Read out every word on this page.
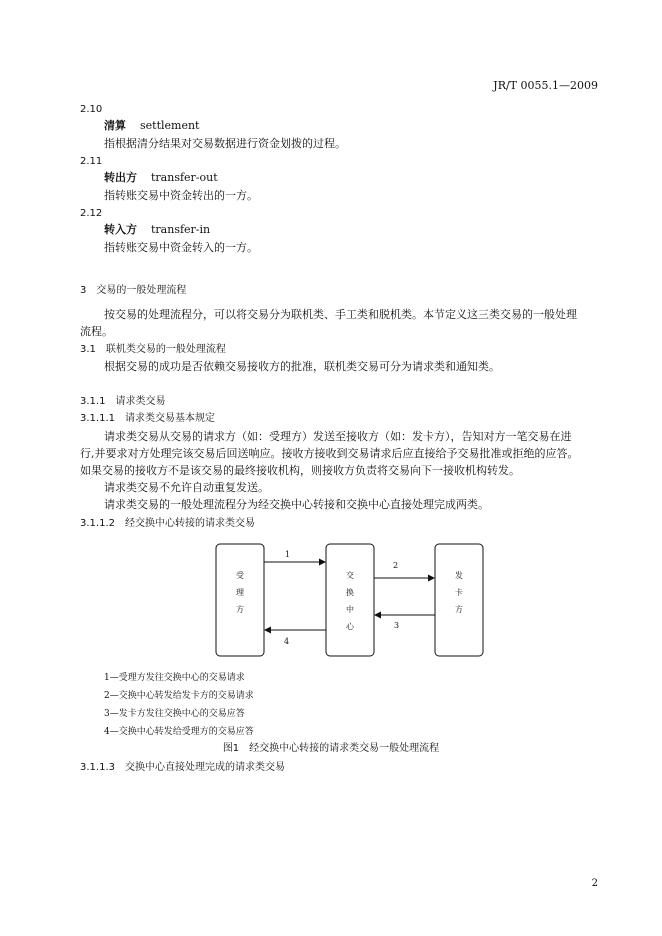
JR/T 0055.1—2009
2.10
清算 settlement
指根据清分结果对交易数据进行资金划拨的过程。
2.11
转出方 transfer-out
指转账交易中资金转出的一方。
2.12
转入方 transfer-in
指转账交易中资金转入的一方。
3　交易的一般处理流程
按交易的处理流程分，可以将交易分为联机类、手工类和脱机类。本节定义这三类交易的一般处理
流程。
3.1　联机类交易的一般处理流程
根据交易的成功是否依赖交易接收方的批准，联机类交易可分为请求类和通知类。
3.1.1　请求类交易
3.1.1.1　请求类交易基本规定
请求类交易从交易的请求方（如：受理方）发送至接收方（如：发卡方），告知对方一笔交易在进
行,并要求对方处理完该交易后回送响应。接收方接收到交易请求后应直接给予交易批准或拒绝的应答。
如果交易的接收方不是该交易的最终接收机构，则接收方负责将交易向下一接收机构转发。
请求类交易不允许自动重复发送。
请求类交易的一般处理流程分为经交换中心转接和交换中心直接处理完成两类。
3.1.1.2　经交换中心转接的请求类交易
受
理
方
交
换
中
心
发
卡
方
1
2
3
4
1—受理方发往交换中心的交易请求
2—交换中心转发给发卡方的交易请求
3—发卡方发往交换中心的交易应答
4—交换中心转发给受理方的交易应答
图1　经交换中心转接的请求类交易一般处理流程
3.1.1.3　交换中心直接处理完成的请求类交易
2
